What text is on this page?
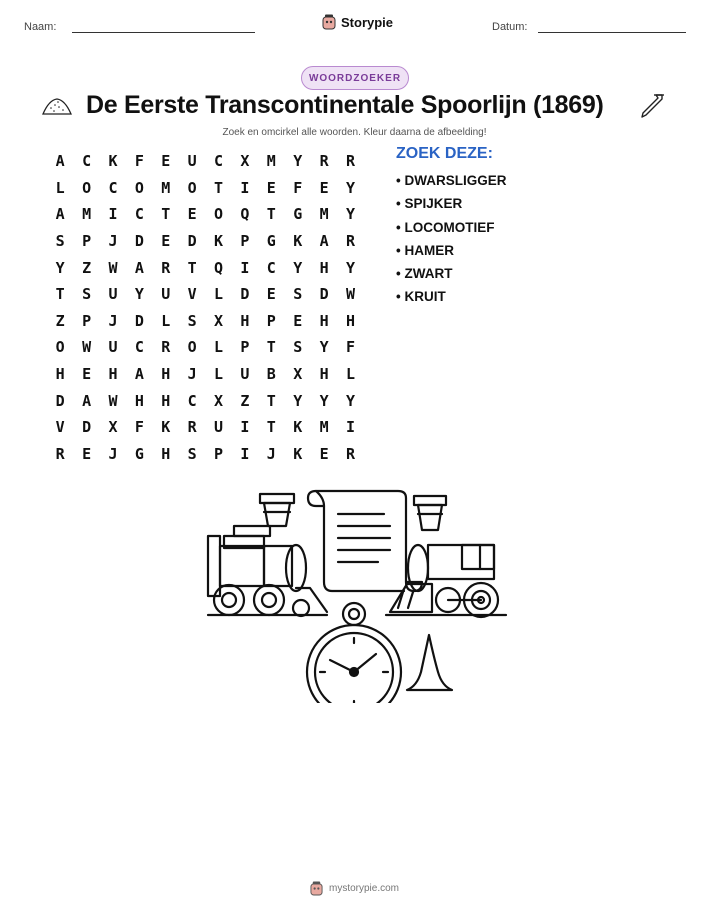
Naam:	Storypie	Datum:
WOORDZOEKER
De Eerste Transcontinentale Spoorlijn (1869)
Zoek en omcirkel alle woorden. Kleur daarna de afbeelding!
A	C	K	F	E	U	C	X	M	Y	R	R
L	O	C	O	M	O	T	I	E	F	E	Y
A	M	I	C	T	E	O	Q	T	G	M	Y
S	P	J	D	E	D	K	P	G	K	A	R
Y	Z	W	A	R	T	Q	I	C	Y	H	Y
T	S	U	Y	U	V	L	D	E	S	D	W
Z	P	J	D	L	S	X	H	P	E	H	H
O	W	U	C	R	O	L	P	T	S	Y	F
H	E	H	A	H	J	L	U	B	X	H	L
D	A	W	H	H	C	X	Z	T	Y	Y	Y
V	D	X	F	K	R	U	I	T	K	M	I
R	E	J	G	H	S	P	I	J	K	E	R
ZOEK DEZE:
• DWARSLIGGER
• SPIJKER
• LOCOMOTIEF
• HAMER
• ZWART
• KRUIT
mystorypie.com
